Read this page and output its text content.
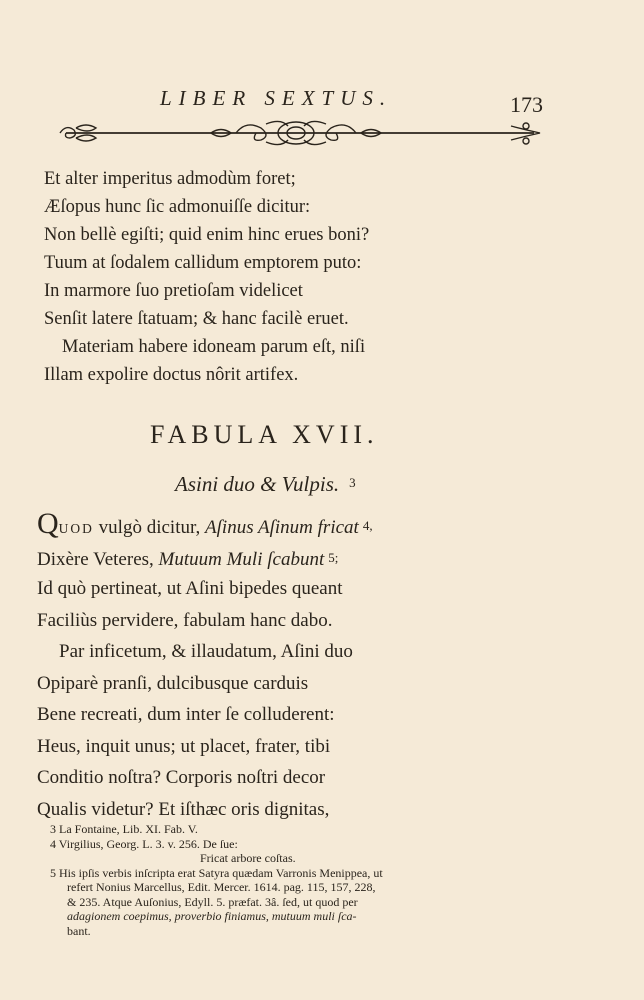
LIBER SEXTUS.	173
Et alter imperitus admodùm foret;
Æſopus hunc ſic admonuiſſe dicitur:
Non bellè egiſti; quid enim hinc erues boni?
Tuum at ſodalem callidum emptorem puto:
In marmore ſuo pretioſam videlicet
Senſit latere ſtatuam; & hanc facilè eruet.
Materiam habere idoneam parum eſt, niſi
Illam expolire doctus nôrit artifex.
FABULA XVII.
Asini duo & Vulpis. 3
QUOD vulgò dicitur, Aſinus Aſinum fricat 4,
Dixère Veteres, Mutuum Muli ſcabunt 5;
Id quò pertineat, ut Aſini bipedes queant
Faciliùs pervidere, fabulam hanc dabo.
Par inficetum, & illaudatum, Aſini duo
Opiparè pranſi, dulcibusque carduis
Bene recreati, dum inter ſe colluderent:
Heus, inquit unus; ut placet, frater, tibi
Conditio noſtra? Corporis noſtri decor
Qualis videtur? Et iſthæc oris dignitas,
3 La Fontaine, Lib. XI. Fab. V.
4 Virgilius, Georg. L. 3. v. 256. De ſue:
Fricat arbore coſtas.
5 His ipſis verbis inſcripta erat Satyra quædam Varronis Menippea, ut
refert Nonius Marcellus, Edit. Mercer. 1614. pag. 115, 157, 228,
& 235. Atque Auſonius, Edyll. 5. præfat. 3â. ſed, ut quod per
adagionem coepimus, proverbio finiamus, mutuum muli ſca-
bant.
